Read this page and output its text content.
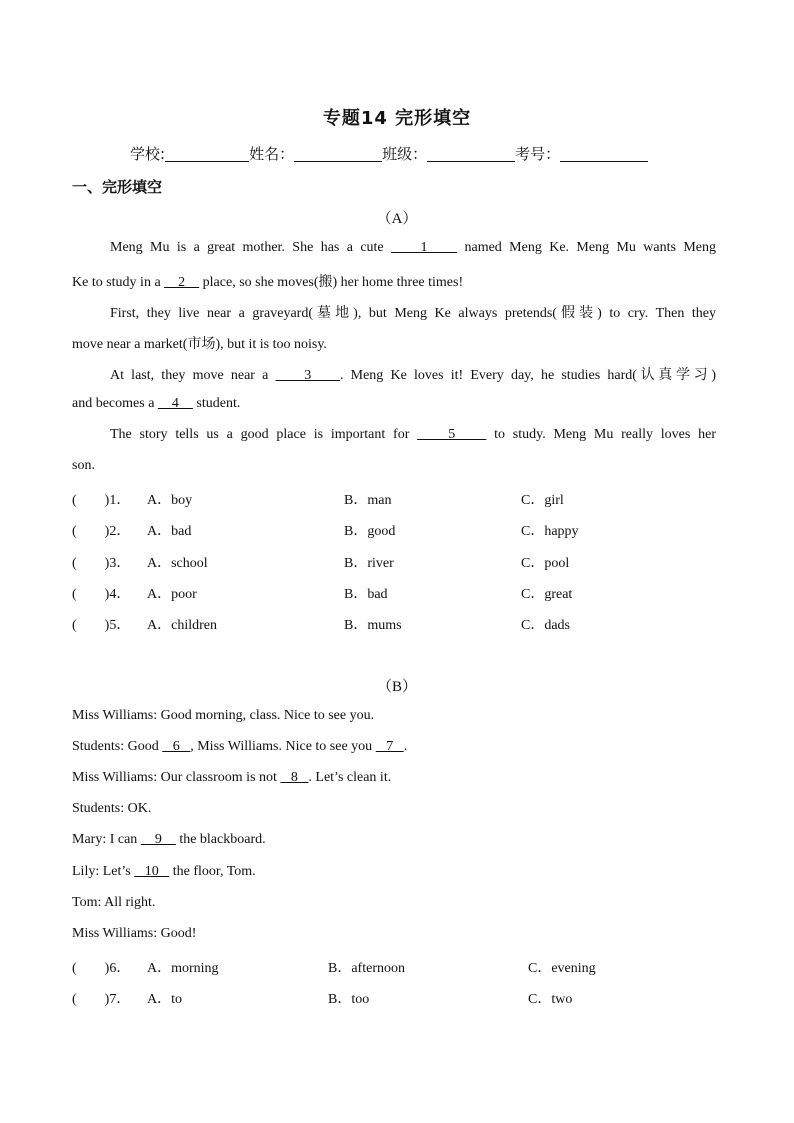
专题14 完形填空
学校:	姓名：	班级：	考号：
一、完形填空
（A）
Meng Mu is a great mother. She has a cute     1     named Meng Ke. Meng Mu wants Meng
Ke to study in a     2     place, so she moves(搬) her home three times!
First, they live near a graveyard(墓地), but Meng Ke always pretends(假装) to cry. Then they
move near a market(市场), but it is too noisy.
At last, they move near a     3    . Meng Ke loves it! Every day, he studies hard(认真学习)
and becomes a     4     student.
The story tells us a good place is important for     5     to study. Meng Mu really loves her
son.
(        )1． A．boy	B．man	C．girl
(        )2． A．bad	B．good	C．happy
(        )3． A．school	B．river	C．pool
(        )4． A．poor	B．bad	C．great
(        )5． A．children	B．mums	C．dads
（B）
Miss Williams: Good morning, class. Nice to see you.
Students: Good    6   , Miss Williams. Nice to see you    7   .
Miss Williams: Our classroom is not    8   . Let’s clean it.
Students: OK.
Mary: I can     9     the blackboard.
Lily: Let’s    10    the floor, Tom.
Tom: All right.
Miss Williams: Good!
(        )6． A．morning	B．afternoon	C．evening
(        )7． A．to	B．too	C．two
